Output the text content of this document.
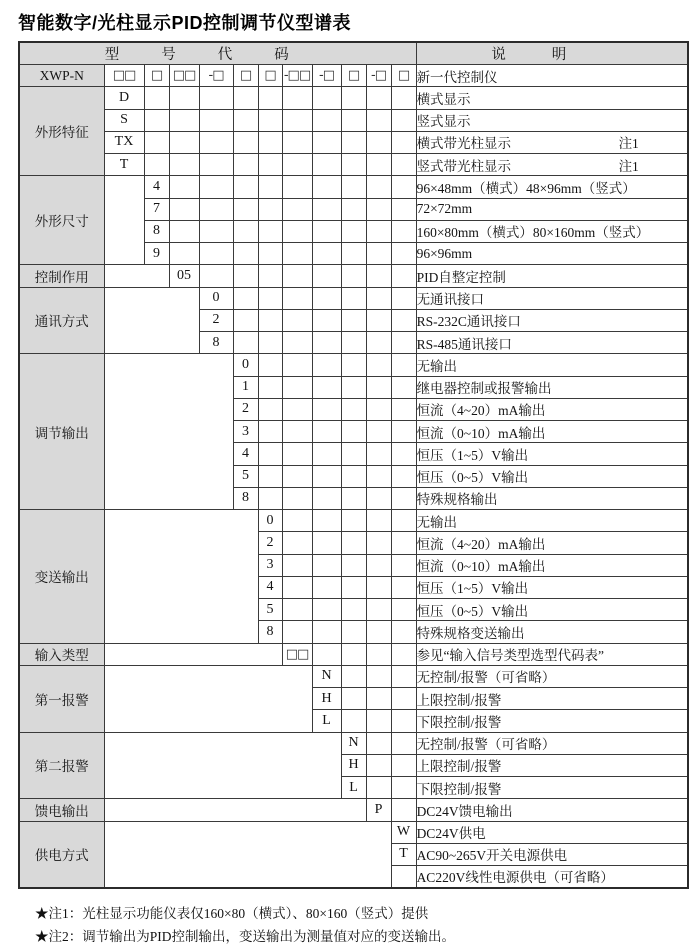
智能数字/光柱显示PID控制调节仪型谱表
型号代码												说明
XWP-N	□□	□	□□	-□	□	□	-□□	-□	□	-□	□	新一代控制仪
外形特征	D											横式显示
	S											竖式显示
	TX											横式带光柱显示 注1

	T											竖式带光柱显示 注1

外形尺寸		4										96×48mm（横式）48×96mm（竖式）
		7										72×72mm
		8										160×80mm（横式）80×160mm（竖式）
		9										96×96mm
控制作用			05									PID自整定控制
通讯方式				0								无通讯接口
				2								RS-232C通讯接口
				8								RS-485通讯接口
调节输出					0							无输出
					1							继电器控制或报警输出
					2							恒流（4~20）mA输出
					3							恒流（0~10）mA输出
					4							恒压（1~5）V输出
					5							恒压（0~5）V输出
					8							特殊规格输出
变送输出						0						无输出
						2						恒流（4~20）mA输出
						3						恒流（0~10）mA输出
						4						恒压（1~5）V输出
						5						恒压（0~5）V输出
						8						特殊规格变送输出
输入类型							□□					参见“输入信号类型选型代码表”
第一报警								N				无控制/报警（可省略）
								H				上限控制/报警
								L				下限控制/报警
第二报警									N			无控制/报警（可省略）
									H			上限控制/报警
									L			下限控制/报警
馈电输出										P		DC24V馈电输出
供电方式											W	DC24V供电
											T	AC90~265V开关电源供电
												AC220V线性电源供电（可省略）
★注1：光柱显示功能仪表仅160×80（横式）、80×160（竖式）提供
★注2：调节输出为PID控制输出，变送输出为测量值对应的变送输出。
